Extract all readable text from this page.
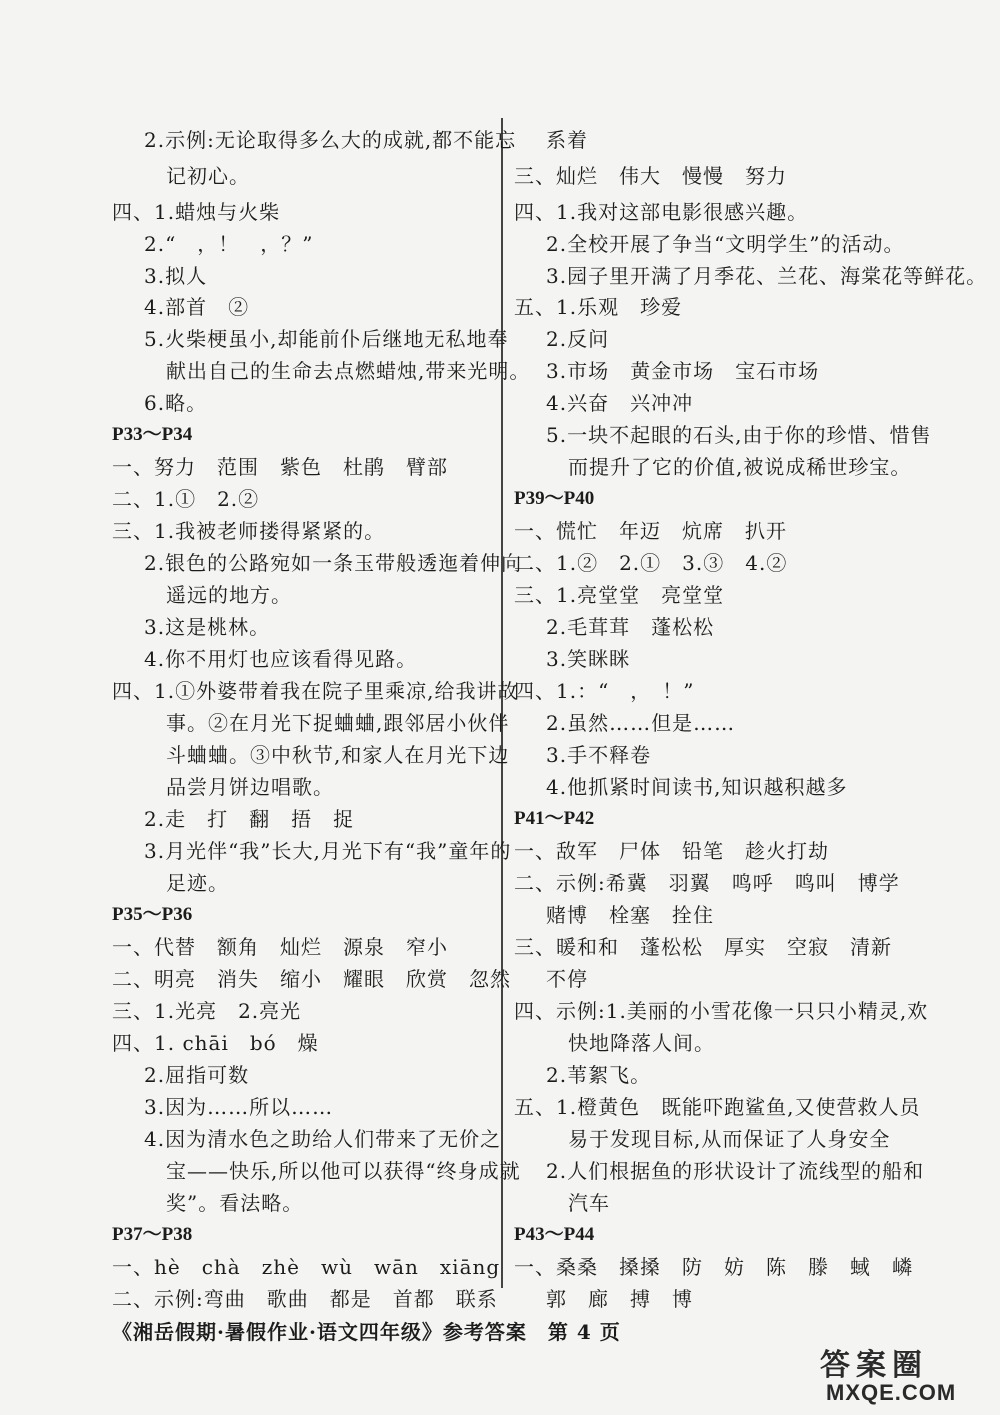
2.示例:无论取得多么大的成就,都不能忘
记初心。
四、1.蜡烛与火柴
2.“　，！　，？”
3.拟人
4.部首　②
5.火柴梗虽小,却能前仆后继地无私地奉
献出自己的生命去点燃蜡烛,带来光明。
6.略。
P33～P34
一、努力　范围　紫色　杜鹃　臂部
二、1.①　2.②
三、1.我被老师搂得紧紧的。
2.银色的公路宛如一条玉带般透迤着伸向
遥远的地方。
3.这是桃林。
4.你不用灯也应该看得见路。
四、1.①外婆带着我在院子里乘凉,给我讲故
事。②在月光下捉蛐蛐,跟邻居小伙伴
斗蛐蛐。③中秋节,和家人在月光下边
品尝月饼边唱歌。
2.走　打　翻　捂　捉
3.月光伴“我”长大,月光下有“我”童年的
足迹。
P35～P36
一、代替　额角　灿烂　源泉　窄小
二、明亮　消失　缩小　耀眼　欣赏　忽然
三、1.光亮　2.亮光
四、1. chāi　bó　燥
2.屈指可数
3.因为……所以……
4.因为清水色之助给人们带来了无价之
宝——快乐,所以他可以获得“终身成就
奖”。看法略。
P37～P38
一、hè　chà　zhè　wù　wān　xiāng
二、示例:弯曲　歌曲　都是　首都　联系
系着
三、灿烂　伟大　慢慢　努力
四、1.我对这部电影很感兴趣。
2.全校开展了争当“文明学生”的活动。
3.园子里开满了月季花、兰花、海棠花等鲜花。
五、1.乐观　珍爱
2.反问
3.市场　黄金市场　宝石市场
4.兴奋　兴冲冲
5.一块不起眼的石头,由于你的珍惜、惜售
而提升了它的价值,被说成稀世珍宝。
P39～P40
一、慌忙　年迈　炕席　扒开
二、1.②　2.①　3.③　4.②
三、1.亮堂堂　亮堂堂
2.毛茸茸　蓬松松
3.笑眯眯
四、1.：“　，　！”
2.虽然……但是……
3.手不释卷
4.他抓紧时间读书,知识越积越多
P41～P42
一、敌军　尸体　铅笔　趁火打劫
二、示例:希冀　羽翼　鸣呼　鸣叫　博学
赌博　栓塞　拴住
三、暖和和　蓬松松　厚实　空寂　清新
不停
四、示例:1.美丽的小雪花像一只只小精灵,欢
快地降落人间。
2.苇絮飞。
五、1.橙黄色　既能吓跑鲨鱼,又使营救人员
易于发现目标,从而保证了人身安全
2.人们根据鱼的形状设计了流线型的船和
汽车
P43～P44
一、桑桑　搡搡　防　妨　陈　滕　蜮　嶙
郭　廊　搏　博
《湘岳假期·暑假作业·语文四年级》参考答案　第 4 页
答案圈
MXQE.COM
